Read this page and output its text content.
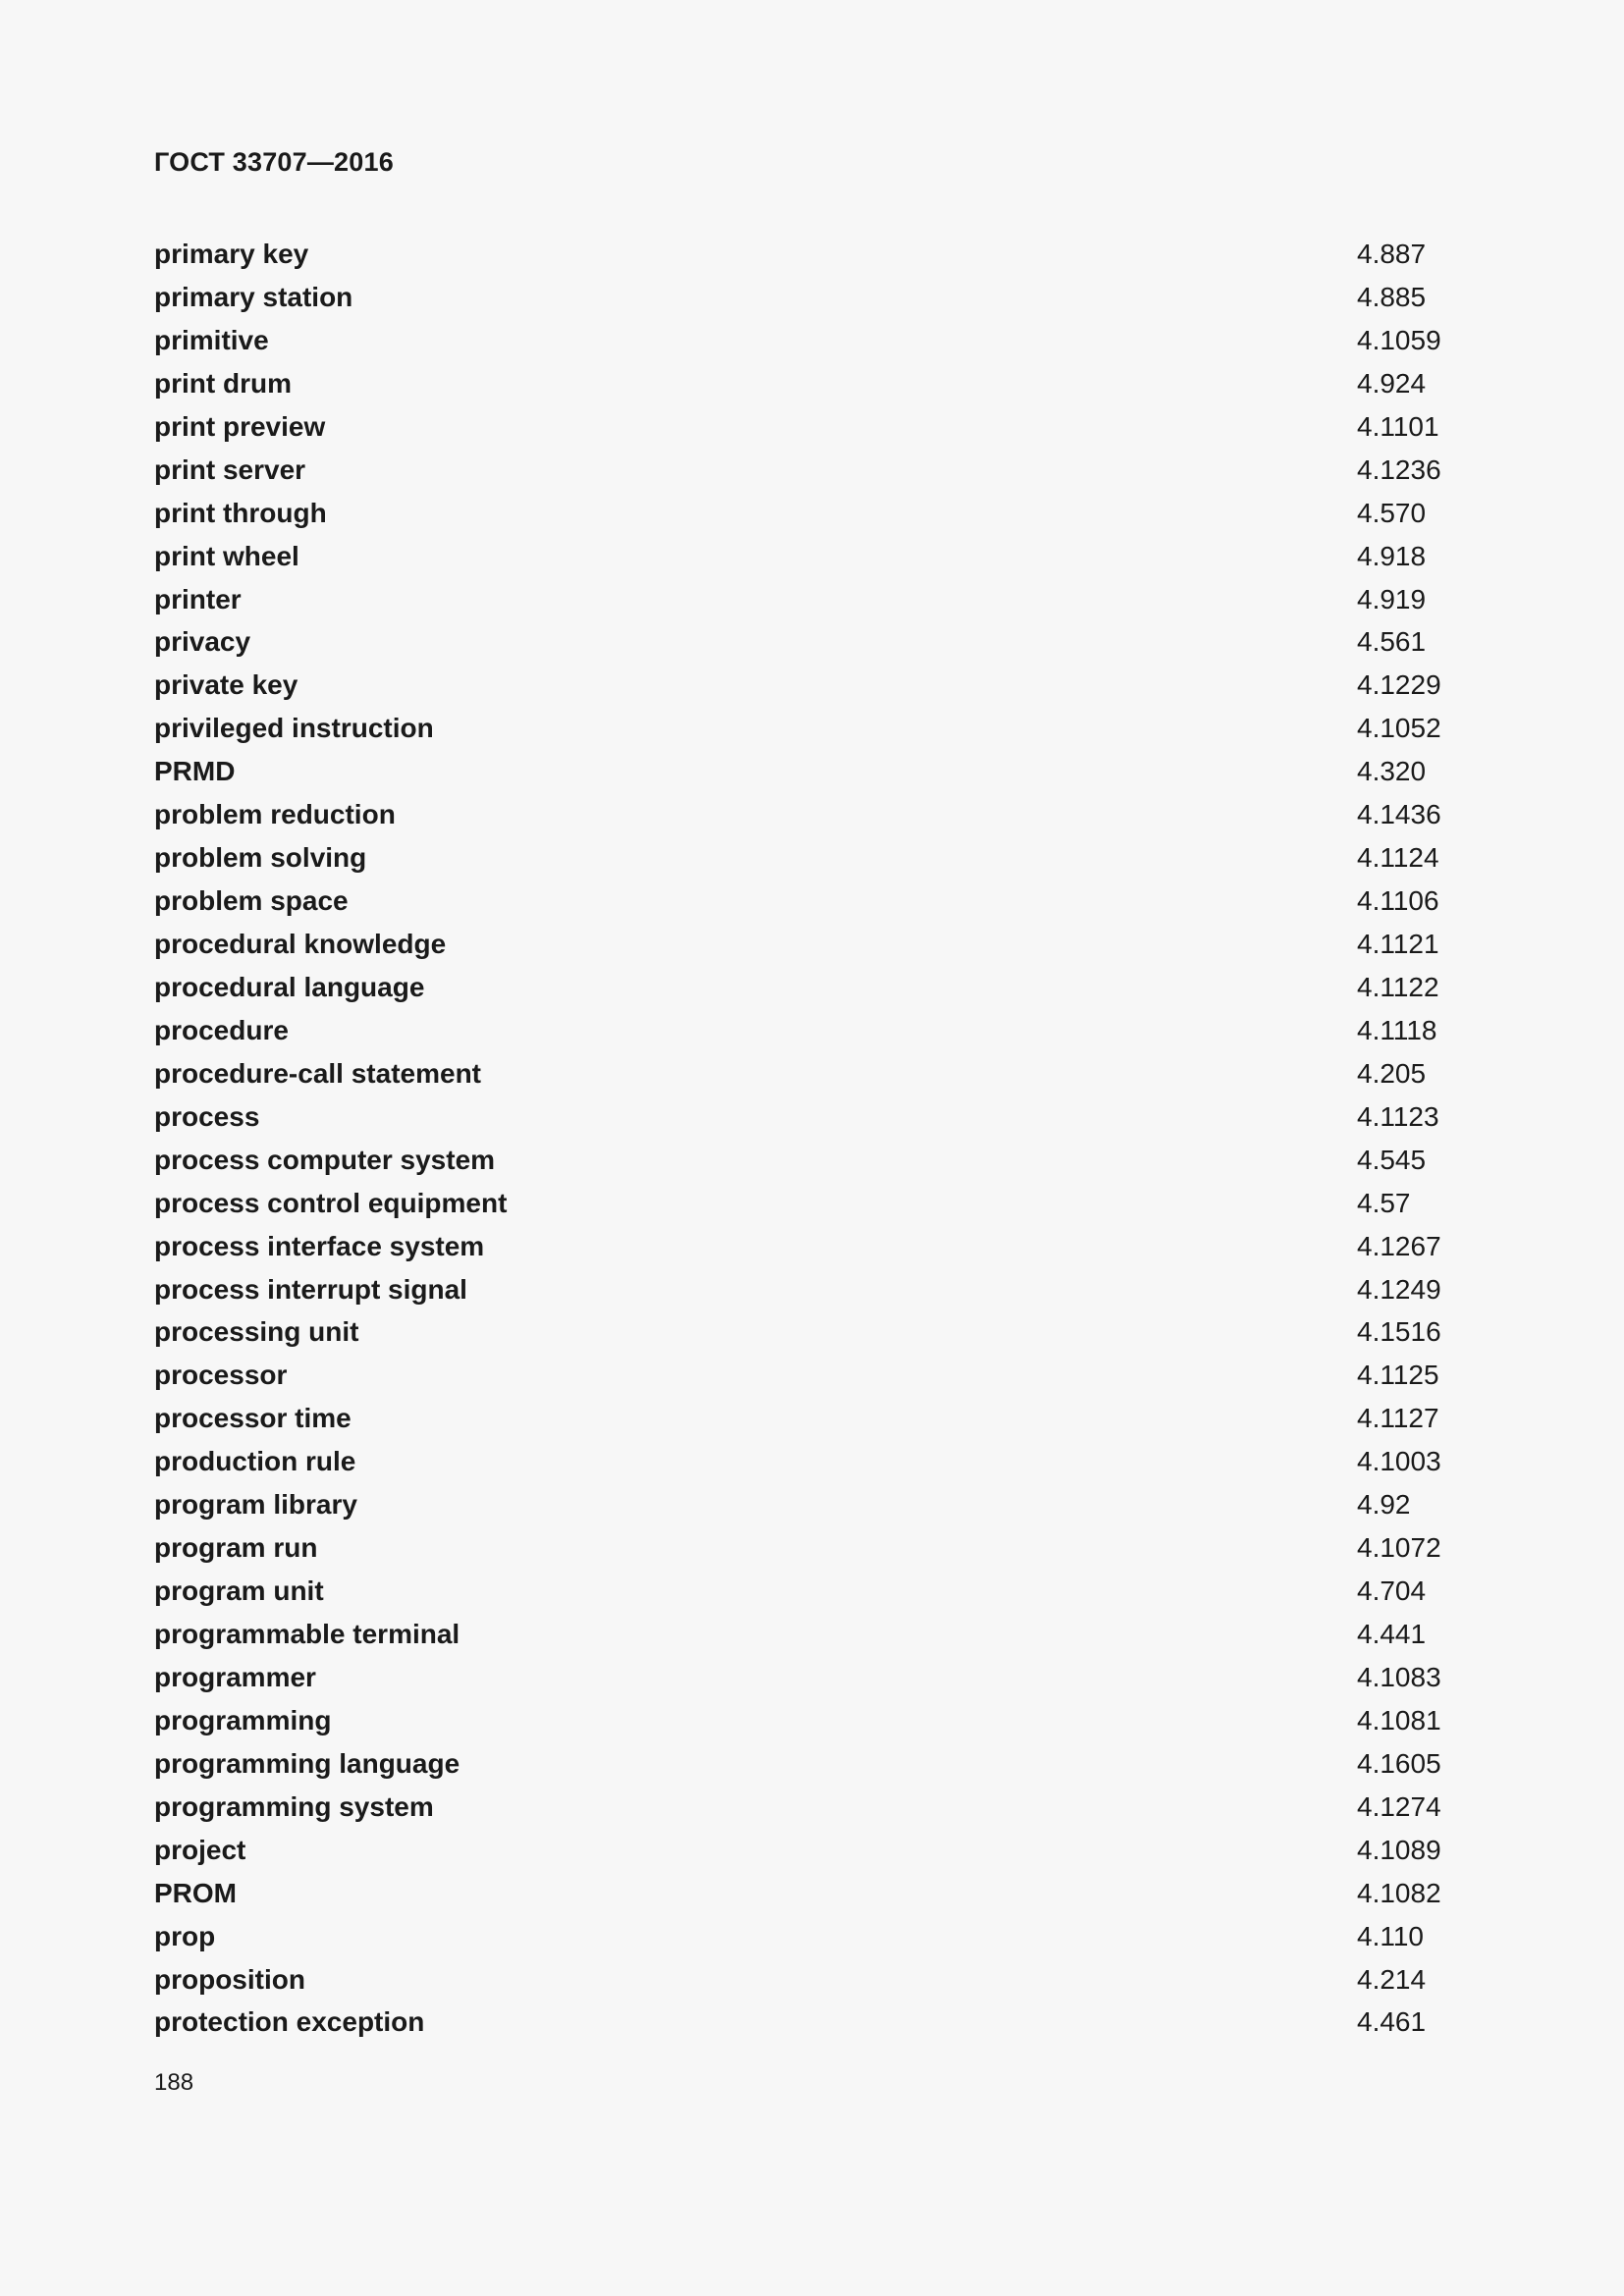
ГОСТ 33707—2016
primary key	4.887
primary station	4.885
primitive	4.1059
print drum	4.924
print preview	4.1101
print server	4.1236
print through	4.570
print wheel	4.918
printer	4.919
privacy	4.561
private key	4.1229
privileged instruction	4.1052
PRMD	4.320
problem reduction	4.1436
problem solving	4.1124
problem space	4.1106
procedural knowledge	4.1121
procedural language	4.1122
procedure	4.1118
procedure-call statement	4.205
process	4.1123
process computer system	4.545
process control equipment	4.57
process interface system	4.1267
process interrupt signal	4.1249
processing unit	4.1516
processor	4.1125
processor time	4.1127
production rule	4.1003
program library	4.92
program run	4.1072
program unit	4.704
programmable terminal	4.441
programmer	4.1083
programming	4.1081
programming language	4.1605
programming system	4.1274
project	4.1089
PROM	4.1082
prop	4.110
proposition	4.214
protection exception	4.461
188
